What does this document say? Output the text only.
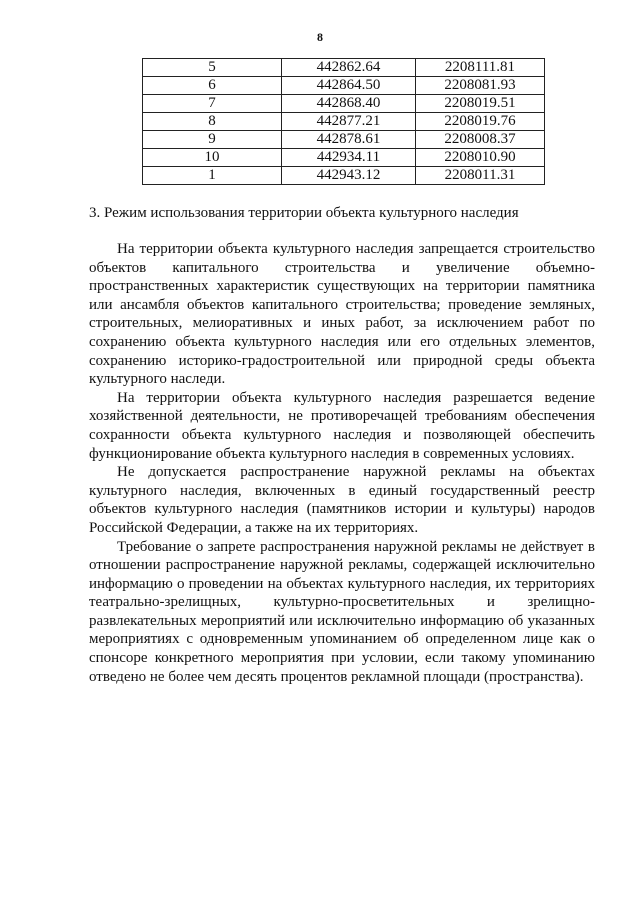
8
5	442862.64	2208111.81
6	442864.50	2208081.93
7	442868.40	2208019.51
8	442877.21	2208019.76
9	442878.61	2208008.37
10	442934.11	2208010.90
1	442943.12	2208011.31
3. Режим использования территории объекта культурного наследия

На территории объекта культурного наследия запрещается строительство объектов капитального строительства и увеличение объемно-пространственных характеристик существующих на территории памятника или ансамбля объектов капитального строительства; проведение земляных, строительных, мелиоративных и иных работ, за исключением работ по сохранению объекта культурного наследия или его отдельных элементов, сохранению историко-градостроительной или природной среды объекта культурного наследи.

На территории объекта культурного наследия разрешается ведение хозяйственной деятельности, не противоречащей требованиям обеспечения сохранности объекта культурного наследия и позволяющей обеспечить функционирование объекта культурного наследия в современных условиях.

Не допускается распространение наружной рекламы на объектах культурного наследия, включенных в единый государственный реестр объектов культурного наследия (памятников истории и культуры) народов Российской Федерации, а также на их территориях.

Требование о запрете распространения наружной рекламы не действует в отношении распространение наружной рекламы, содержащей исключительно информацию о проведении на объектах культурного наследия, их территориях театрально-зрелищных, культурно-просветительных и зрелищно-развлекательных мероприятий или исключительно информацию об указанных мероприятиях с одновременным упоминанием об определенном лице как о спонсоре конкретного мероприятия при условии, если такому упоминанию отведено не более чем десять процентов рекламной площади (пространства).
